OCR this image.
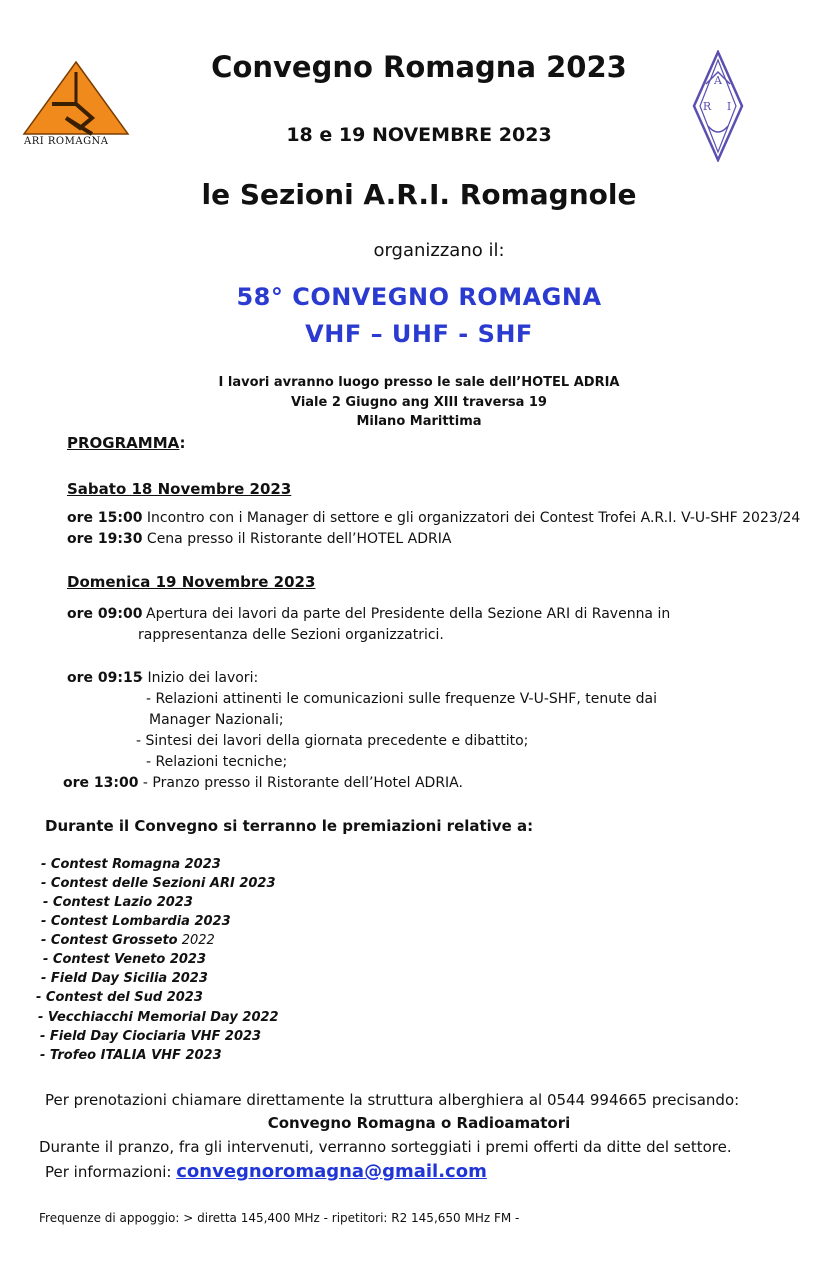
ARI ROMAGNA
A
R I
Convegno Romagna 2023
18 e 19 NOVEMBRE 2023
le Sezioni A.R.I. Romagnole
organizzano il:
58° CONVEGNO ROMAGNA
VHF – UHF - SHF
I lavori avranno luogo presso le sale dell’HOTEL ADRIA
Viale 2 Giugno ang XIII traversa 19
Milano Marittima
PROGRAMMA:
Sabato 18 Novembre 2023
ore 15:00 Incontro con i Manager di settore e gli organizzatori dei Contest Trofei A.R.I. V-U-SHF 2023/24
ore 19:30 Cena presso il Ristorante dell’HOTEL ADRIA
Domenica 19 Novembre 2023
ore 09:00 Apertura dei lavori da parte del Presidente della Sezione ARI di Ravenna in
rappresentanza delle Sezioni organizzatrici.
ore 09:15
- Inizio dei lavori:
- Relazioni attinenti le comunicazioni sulle frequenze V-U-SHF, tenute dai
Manager Nazionali;
- Sintesi dei lavori della giornata precedente e dibattito;
- Relazioni tecniche;
ore 13:00 - Pranzo presso il Ristorante dell’Hotel ADRIA.
Durante il Convegno si terranno le premiazioni relative a:
- Contest Romagna 2023
- Contest delle Sezioni ARI 2023
- Contest Lazio 2023
- Contest Lombardia 2023
- Contest Grosseto 2022
- Contest Veneto 2023
- Field Day Sicilia 2023
- Contest del Sud 2023
- Vecchiacchi Memorial Day 2022
- Field Day Ciociaria VHF 2023
- Trofeo ITALIA VHF 2023
Per prenotazioni chiamare direttamente la struttura alberghiera al 0544 994665 precisando:
Convegno Romagna o Radioamatori
Durante il pranzo, fra gli intervenuti, verranno sorteggiati i premi offerti da ditte del settore.
Per informazioni: convegnoromagna@gmail.com
Frequenze di appoggio: > diretta 145,400 MHz - ripetitori: R2 145,650 MHz FM -
